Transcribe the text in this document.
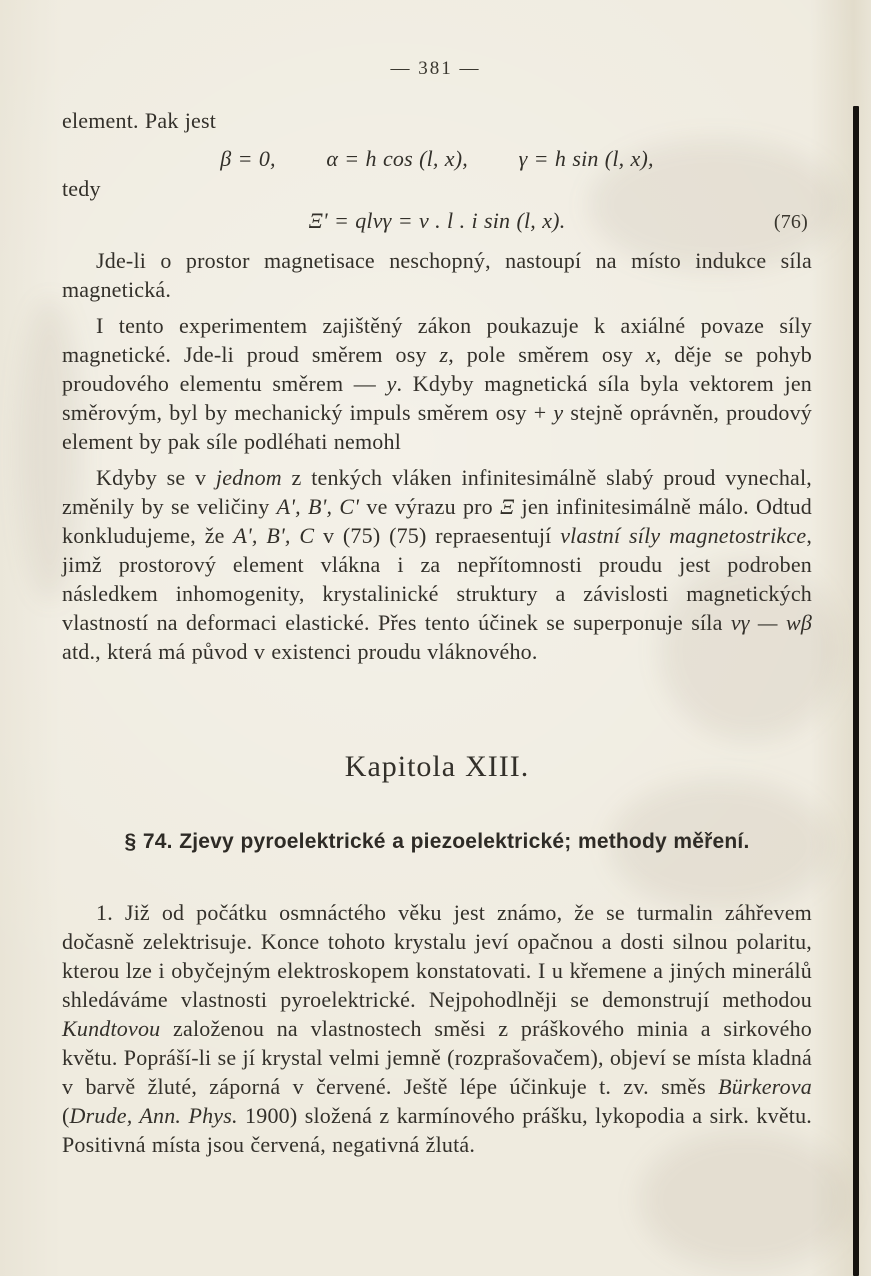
— 381 —

element. Pak jest

β = 0,   α = h cos (l, x),   γ = h sin (l, x),
tedy
Ξ' = qlvγ = v . l . i sin (l, x).	(76)

Jde-li o prostor magnetisace neschopný, nastoupí na místo indukce síla magnetická.

I tento experimentem zajištěný zákon poukazuje k axiálné povaze síly magnetické. Jde-li proud směrem osy z, pole směrem osy x, děje se pohyb proudového elementu směrem — y. Kdyby magnetická síla byla vektorem jen směrovým, byl by mechanický impuls směrem osy + y stejně oprávněn, proudový element by pak síle podléhati nemohl

Kdyby se v jednom z tenkých vláken infinitesimálně slabý proud vynechal, změnily by se veličiny A', B', C' ve výrazu pro Ξ jen infinitesimálně málo. Odtud konkludujeme, že A', B', C v (75) (75) repraesentují vlastní síly magnetostrikce, jimž prostorový element vlákna i za nepřítomnosti proudu jest podroben následkem inhomogenity, krystalinické struktury a závislosti magnetických vlastností na deformaci elastické. Přes tento účinek se superponuje síla vγ — wβ atd., která má původ v existenci proudu vláknového.

Kapitola XIII.
§ 74. Zjevy pyroelektrické a piezoelektrické; methody měření.

1. Již od počátku osmnáctého věku jest známo, že se turmalin záhřevem dočasně zelektrisuje. Konce tohoto krystalu jeví opačnou a dosti silnou polaritu, kterou lze i obyčejným elektroskopem konstatovati. I u křemene a jiných minerálů shledáváme vlastnosti pyroelektrické. Nejpohodlněji se demonstrují methodou Kundtovou založenou na vlastnostech směsi z práškového minia a sirkového květu. Popráší-li se jí krystal velmi jemně (rozprašovačem), objeví se místa kladná v barvě žluté, záporná v červené. Ještě lépe účinkuje t. zv. směs Bürkerova (Drude, Ann. Phys. 1900) složená z karmínového prášku, lykopodia a sirk. květu. Positivná místa jsou červená, negativná žlutá.
